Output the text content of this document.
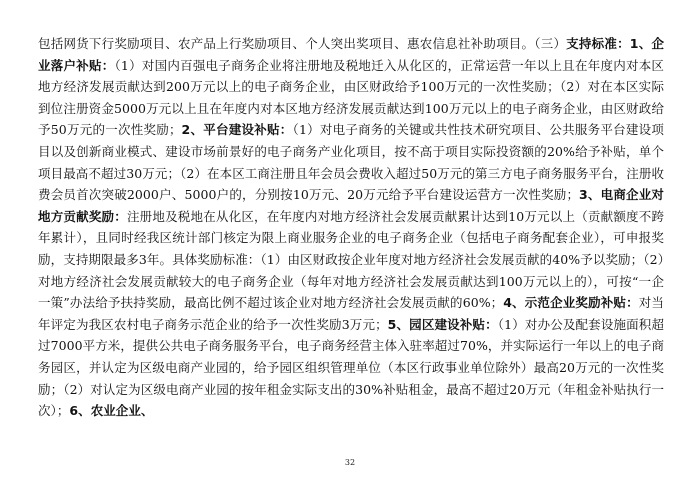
包括网货下行奖励项目、农产品上行奖励项目、个人突出奖项目、惠农信息社补助项目。（三）支持标准：1、企业落户补贴：（1）对国内百强电子商务企业将注册地及税地迁入从化区的，正常运营一年以上且在年度内对本区地方经济发展贡献达到200万元以上的电子商务企业，由区财政给予100万元的一次性奖励；（2）对在本区实际到位注册资金5000万元以上且在年度内对本区地方经济发展贡献达到100万元以上的电子商务企业，由区财政给予50万元的一次性奖励；2、平台建设补贴：（1）对电子商务的关键或共性技术研究项目、公共服务平台建设项目以及创新商业模式、建设市场前景好的电子商务产业化项目，按不高于项目实际投资额的20%给予补贴，单个项目最高不超过30万元；（2）在本区工商注册且年会员会费收入超过50万元的第三方电子商务服务平台，注册收费会员首次突破2000户、5000户的，分别按10万元、20万元给予平台建设运营方一次性奖励；3、电商企业对地方贡献奖励：注册地及税地在从化区，在年度内对地方经济社会发展贡献累计达到10万元以上（贡献额度不跨年累计），且同时经我区统计部门核定为限上商业服务企业的电子商务企业（包括电子商务配套企业），可申报奖励，支持期限最多3年。具体奖励标准：（1）由区财政按企业年度对地方经济社会发展贡献的40%予以奖励；（2）对地方经济社会发展贡献较大的电子商务企业（每年对地方经济社会发展贡献达到100万元以上的），可按“一企一策”办法给予扶持奖励，最高比例不超过该企业对地方经济社会发展贡献的60%；4、示范企业奖励补贴：对当年评定为我区农村电子商务示范企业的给予一次性奖励3万元；5、园区建设补贴：（1）对办公及配套设施面积超过7000平方米，提供公共电子商务服务平台，电子商务经营主体入驻率超过70%，并实际运行一年以上的电子商务园区，并认定为区级电商产业园的，给予园区组织管理单位（本区行政事业单位除外）最高20万元的一次性奖励；（2）对认定为区级电商产业园的按年租金实际支出的30%补贴租金，最高不超过20万元（年租金补贴执行一次）；6、农业企业、

32
